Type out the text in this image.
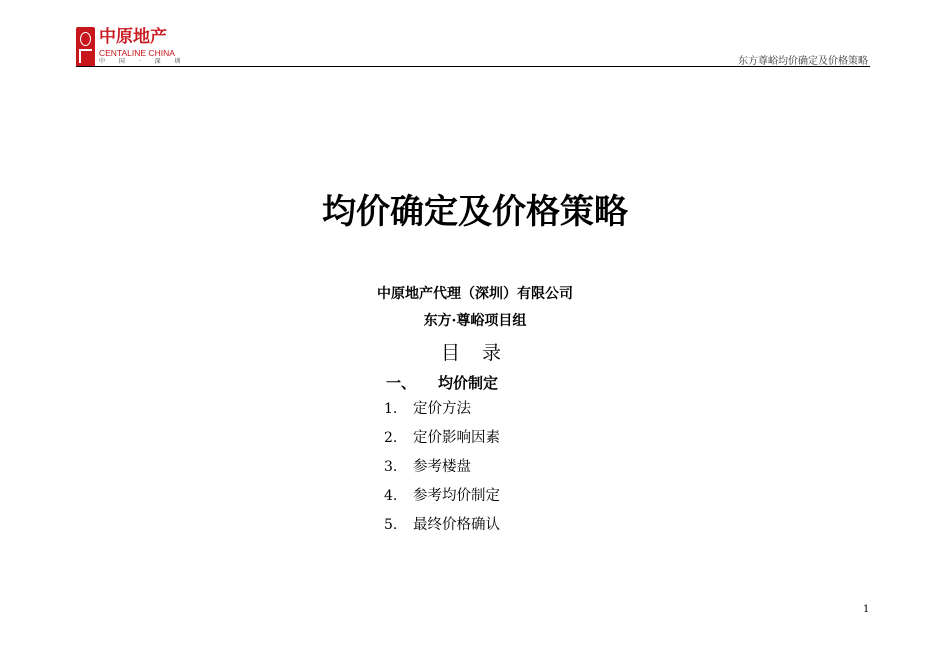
中原地产
CENTALINE CHINA
中 国 · 深 圳	东方尊峪均价确定及价格策略
均价确定及价格策略
中原地产代理（深圳）有限公司
东方·尊峪项目组
目 录
一、 均价制定
1. 定价方法
2. 定价影响因素
3. 参考楼盘
4. 参考均价制定
5. 最终价格确认
1
